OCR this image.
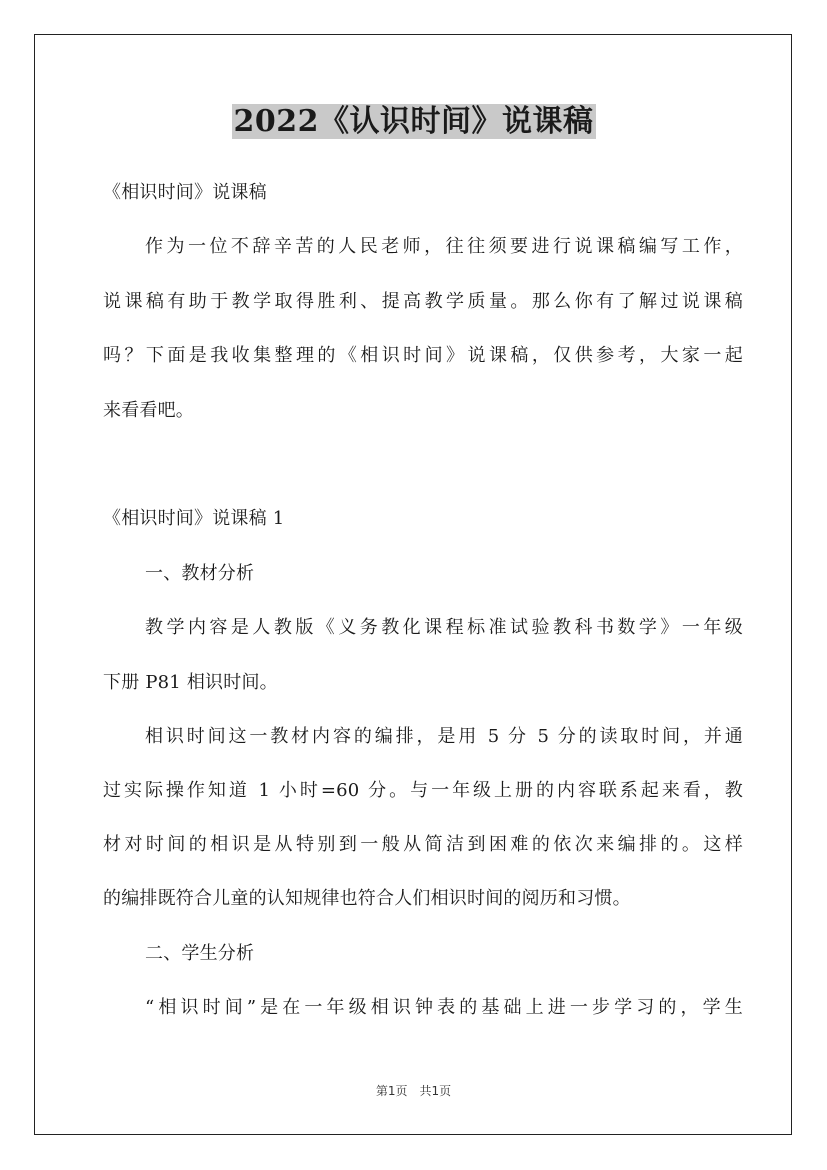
2022《认识时间》说课稿
《相识时间》说课稿
作为一位不辞辛苦的人民老师，往往须要进行说课稿编写工作，
说课稿有助于教学取得胜利、提高教学质量。那么你有了解过说课稿
吗？下面是我收集整理的《相识时间》说课稿，仅供参考，大家一起
来看看吧。
《相识时间》说课稿 1
一、教材分析
教学内容是人教版《义务教化课程标准试验教科书数学》一年级
下册 P81 相识时间。
相识时间这一教材内容的编排，是用 5 分 5 分的读取时间，并通
过实际操作知道 1 小时=60 分。与一年级上册的内容联系起来看，教
材对时间的相识是从特别到一般从简洁到困难的依次来编排的。这样
的编排既符合儿童的认知规律也符合人们相识时间的阅历和习惯。
二、学生分析
“相识时间”是在一年级相识钟表的基础上进一步学习的，学生
第1页　共1页
